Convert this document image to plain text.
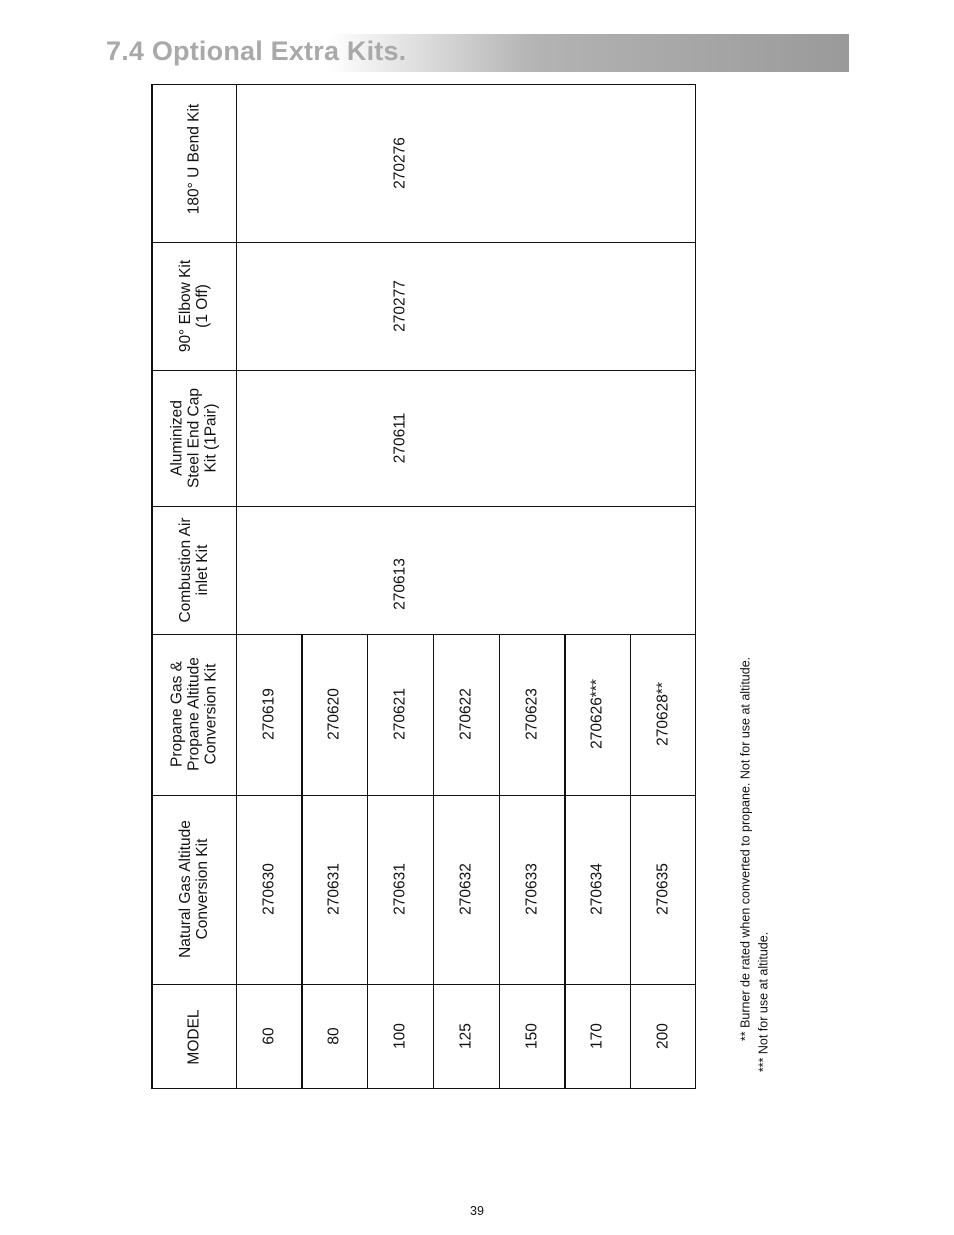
7.4 Optional Extra Kits.
MODEL
Natural Gas Altitude
Conversion Kit
Propane Gas &
Propane Altitude
Conversion Kit
Combustion Air
inlet Kit
Aluminized
Steel End Cap
Kit (1Pair)
90° Elbow Kit
(1 Off)
180° U Bend Kit
60
270630
270619
80
270631
270620
100
270631
270621
125
270632
270622
150
270633
270623
170
270634
270626***
200
270635
270628**
270613
270611
270277
270276
** Burner de rated when converted to propane. Not for use at altitude. *** Not for use at altitude.
39
